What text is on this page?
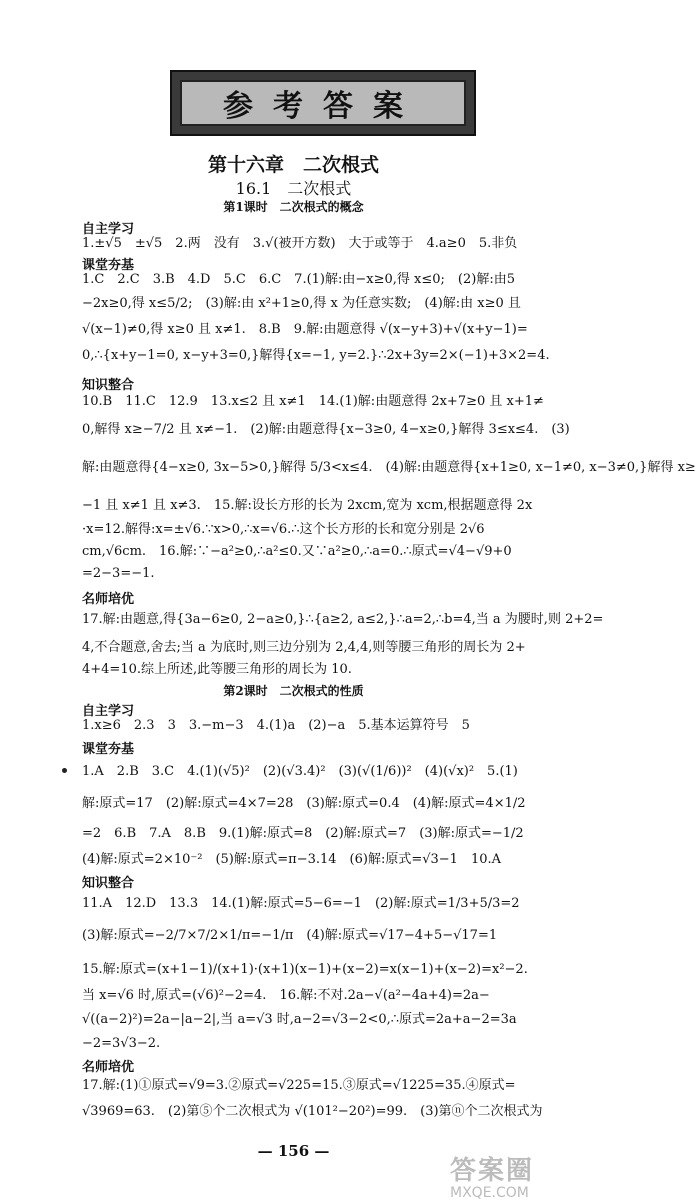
参考答案
第十六章　二次根式
16.1　二次根式
第1课时　二次根式的概念
自主学习
1.±√5　±√5　2.两　没有　3.√(被开方数)　大于或等于　4.a≥0　5.非负
课堂夯基
1.C　2.C　3.B　4.D　5.C　6.C　7.(1)解:由−x≥0,得 x≤0;　(2)解:由5
−2x≥0,得 x≤5/2;　(3)解:由 x²+1≥0,得 x 为任意实数;　(4)解:由 x≥0 且
√(x−1)≠0,得 x≥0 且 x≠1.　8.B　9.解:由题意得 √(x−y+3)+√(x+y−1)=
0,∴{x+y−1=0, x−y+3=0,}解得{x=−1, y=2.}∴2x+3y=2×(−1)+3×2=4.
知识整合
10.B　11.C　12.9　13.x≤2 且 x≠1　14.(1)解:由题意得 2x+7≥0 且 x+1≠
0,解得 x≥−7/2 且 x≠−1.　(2)解:由题意得{x−3≥0, 4−x≥0,}解得 3≤x≤4.　(3)
解:由题意得{4−x≥0, 3x−5>0,}解得 5/3<x≤4.　(4)解:由题意得{x+1≥0, x−1≠0, x−3≠0,}解得 x≥
−1 且 x≠1 且 x≠3.　15.解:设长方形的长为 2xcm,宽为 xcm,根据题意得 2x
·x=12.解得:x=±√6.∵x>0,∴x=√6.∴这个长方形的长和宽分别是 2√6
cm,√6cm.　16.解:∵−a²≥0,∴a²≤0.又∵a²≥0,∴a=0.∴原式=√4−√9+0
=2−3=−1.
名师培优
17.解:由题意,得{3a−6≥0, 2−a≥0,}∴{a≥2, a≤2,}∴a=2,∴b=4,当 a 为腰时,则 2+2=
4,不合题意,舍去;当 a 为底时,则三边分别为 2,4,4,则等腰三角形的周长为 2+
4+4=10.综上所述,此等腰三角形的周长为 10.
第2课时　二次根式的性质
自主学习
1.x≥6　2.3　3　3.−m−3　4.(1)a　(2)−a　5.基本运算符号　5
课堂夯基
1.A　2.B　3.C　4.(1)(√5)²　(2)(√3.4)²　(3)(√(1/6))²　(4)(√x)²　5.(1)
解:原式=17　(2)解:原式=4×7=28　(3)解:原式=0.4　(4)解:原式=4×1/2
=2　6.B　7.A　8.B　9.(1)解:原式=8　(2)解:原式=7　(3)解:原式=−1/2
(4)解:原式=2×10⁻²　(5)解:原式=π−3.14　(6)解:原式=√3−1　10.A
知识整合
11.A　12.D　13.3　14.(1)解:原式=5−6=−1　(2)解:原式=1/3+5/3=2
(3)解:原式=−2/7×7/2×1/π=−1/π　(4)解:原式=√17−4+5−√17=1
15.解:原式=(x+1−1)/(x+1)·(x+1)(x−1)+(x−2)=x(x−1)+(x−2)=x²−2.
当 x=√6 时,原式=(√6)²−2=4.　16.解:不对.2a−√(a²−4a+4)=2a−
√((a−2)²)=2a−|a−2|,当 a=√3 时,a−2=√3−2<0,∴原式=2a+a−2=3a
−2=3√3−2.
名师培优
17.解:(1)①原式=√9=3.②原式=√225=15.③原式=√1225=35.④原式=
√3969=63.　(2)第⑤个二次根式为 √(101²−20²)=99.　(3)第ⓝ个二次根式为
— 156 —
答案圈
MXQE.COM
